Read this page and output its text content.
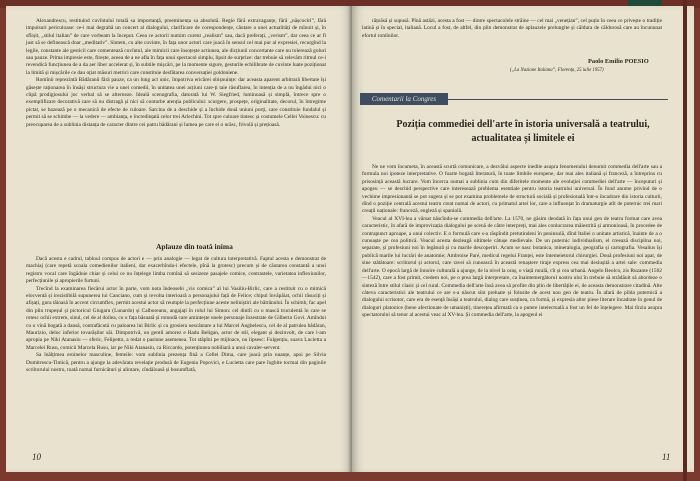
Alexandrescu, restituind cuvîntului totală sa importanță, preeminența sa absolută. Regie fără extravaganțe, fără „nășcociri”, fără impulsuri periculoase: ce-i mai degrabă un concert al dialogului, clarificare de corespondențe, căutare a unei actualități de mînuit și, în sfîrșit, „stilul italian” de care vorbeam la început. Ceea ce actorii numim curent „realism” sau, dacă preferați, „verism”, dar ceea ce ar fi just să se definească doar „meditativ”. Sintem, cu alte cuvinte, în fața unor actori care joacă în sensul cel mai pur al expresiei, recurgînd la legile, constante ale gesticii care comentează cuvîntul, ale mimicii care însoțește actiunea, ale dicțiunii concertante care nu tolerează goluri sau pauze. Prima impresie este, firește, aceea de a ne afla în fața unui spectacol simplu, lipsit de surprize: dar trebuie să relevăm ritmul ce-i revendică funcțiunea de a da aer liber accelerat și, în subtile mișcări, pe la momente sigure, gesturile echilibrate de cuvinte luate poziționat la limită și mișcările ce dau oțiat măsuri metrici care constituie desfătarea conversației goldoniene.

Romînii reprezintă Bădăranii fără pauze, ca un lung act unic, împotriva ericărei obișnuințe: dar aceasta aparent arbitrară libertate își găsește raționarea în însăși structura vie a unei comedii, în unitatea unei acțiuni care-ți taie răsuflarea, în intenția de a nu îngădui nici o clipă prodigiosului joc verbal să se alterneze. Ideală scenografia, datorată lui W. Siegfried, luminoasă și simplă, întrece spre o exemplifizare decorativă care să nu distragă și nici să conturbe atenția publicului: scurgere, prospețe, originalitate, decorul, în întregime pictat, se bazează pe o mecanică de efecte de culoare. Sarcina de a deschide și a închide două uniuni porți, care constituie fundalul și permit să se schimbe — la vedere — ambianța, e încredințată celor trei Arlechini. Tot spre culoare tintesc și costumele Cellei Voinescu: cu preocuparea de a sublinia distanța de caracter dintre cei patru bădărani și lumea pe care ei o urăsc, frivolă și prețioasă.

Aplauze din toată inima

Dacă acesta e cadrul, tabloul compus de actori e — prin analogie — legat de cultura interpretativă. Faptul acesta e demonstrat de machiaj (care repetă scoala comedienilor italieni, dar exacerbînda-i efectele, pînă la grotesc) precum și de căutarea constantă a unui registru vocal care îngăduie chiar și celui ce nu înțelege limba romînă să sesizeze pasajele comice, contrastele, varietatea inflexiunilor, perfecțiunile și apropierile furtuni.

Trecînd la examinarea fiecărui actor în parte, vom nota îndeosebi „vis comica” al lui Vasiliu-Birlic, care a restituit cu o mimică elocventă și irezistibilă supunerea lui Canciano, cum și revolta interioară a personajului față de Felice; chipul învăpăiat, ochii răsuciți și afișați, gura tăioasă în accent circumflex, permit acestui actor să reumple la perfecțiune aceste neliniștiri ale bătrânului. În schimb, fac apel din plin trupeșul și pictoricul Giugaru (Lunardo) și Calboreanu, angajați în rolul lui Simon: cel dintîi cu o mască truculentă în care se rotesc ochii extrem, sinul, cel de al doilea, cu o fața băsuată și rotundă care amintește unele personaje înzestrate de Gilberto Govi. Amîndoi cu o vină bogată a dansă, contrafăcută cu paloarea lui Birlic și cu grosiera nescântare a lui Marcel Anghelescu, cel de al patrulea bădăran, Maurizio, deloc inferior tovarășilor săi. Dimpotrivă, un gentil amorez e Radu Beligan, actor de stil, elegant și dezinvolt, de care l-am apropia pe Niki Atanasiu — sferic, Felipetto, a redat o pasiune asemenea. Tot stăpîni pe mijloace, nu lipsesc: Fulgențiu, suava Lucietta a Marcelei Rusu, comicii Marcela Rusu, iar pe Niki Atanasiu, ca Riccardo, potențiunea nobiliară a unui cavaler-servent.

Sa înălțimea eroinelor masculine, femeile: vom sublinia prezența fină a Cellei Dima, care joacă prin nuanțe, apoi pe Silvia Dumitrescu-Timică, pentru a ajunge la adevărata revelație produsă de Eugenia Popovici, e Lucietta care pare înghite tocmai din paginile scriitorului nostru, toată numai furnicături și alintare, cîndăioasă și bosumflată,

10

rățoăsă și supusă. Pînă astăzi, acesta a fost — dintre spectacolele străine — cel mai „venețian”, cel puțin în ceea ce privește o tradiție latină și în special, italiană. Locul a fost, de altfel, din plin demonstrat de aplauzele prelungite și căldura de căldurosă care au încununat efortul romînilor.

Paolo Emilio POESIO
(„La Nazione Italiana”, Florența, 25 iulie 1957)
Comentarii la Congres
Poziția commediei dell'arte în istoria universală a teatrului, actualitatea și limitele ei

Ne ne vom încumeta, în această scurtă comunicare, a dezvălui aspecte inedite asupra fenomenului denumit commedia dell'arte sau a formula noi ipoteze interpretative. O foarte bogată literatură, în toate limbile europene, dar mai ales italiană și franceză, a întreprins cu prisosință această lucrare. Vom încerca numai a sublinia cum din diferitele momente ale evoluției commediei dell'arte — începuturi și apogeu — se deschid perspective care interesează problema esentiale pentru istoria teatrului universal. În fond anume privind de o vechime impresionantă se pot sugera și se pot examina problemele de structură socială și profesională într-o încadrare din istoria culturii, dînd o poziție centrală acestui teatru creat numai de actori, cu primatul artei lor, care a influențat în dramaturgie atît de puternic trei mari creații naționale: franceză, engleză și spaniolă.

Veacul al XVI-lea a vărsat născîndu-se commedia dell'arte. La 1570, ne găsim deodată în fața unui gen de teatru format care avea caracteristic, în afară de improvizația dialogului pe scenă de către interpreți, mai ales conlucrarea măiestrită și armonioasă, în procedee de contrapunct aproape, a unui colectiv. E o formulă care s-a răspîndit pretutindeni în peninsulă, dînd Italiei o unitate artistică, înainte de a o cunoaște pe cea politică. Veacul acesta dezleagă ultimele cătușe medievale. De un puternic individualism, el creează disciplina noi, separate, și profesiuni noi în legătură și cu marile descoperiri. Acum se nasc botanica, mineralogia, geografia și cartografia. Vesalius își publică marile lui lucrări de anatomie; Ambroise Paré, medicul regelui Franței, este întemeietorul chirurgiei. Două profesiuni noi apar, de sine stătătoare: scriitorul și actorul, care ravei să cunoască în această renaștere tiraje express cea mai deslușită a artei sale: commedia dell'arte. O epocă largă de înnoire culturală a ajunge, de la nivel la oraș, o viață rurală, cît și cea urbană. Angelo Beolco, zis Ruzante (1502—1542), care a fost primit, credem noi, pe o prea largă interpretare, ca înaintemergătorul nostru ului în trebuie să strădăuit să abordeze o sinteză între stilul clasic și cel rural. Commedia dell'arte însă avea să profite din plin de libertățile ei, de aceasta demonstrare citadină. Alte câteva caracteristici ale teatrului ce are s-a născut sînt preluate și folosite de acest nou gen de teatru. În afară de pilda puternică a dialogului scrisotor, care era de esență însăși a teatrului, dialog care susținea, ca formă, și expresia altor piese literare încadrate în genul de dialoguri platonice (bene afectionate de umaniști), tinerețea afirmată ca o putere intelectuală a fost un fel de înțelegere. Mai tîrziu asupra spectatorului să tenor al acestui veac al XV-lea. Și commedia dell'arte, la apogeul ei

11
